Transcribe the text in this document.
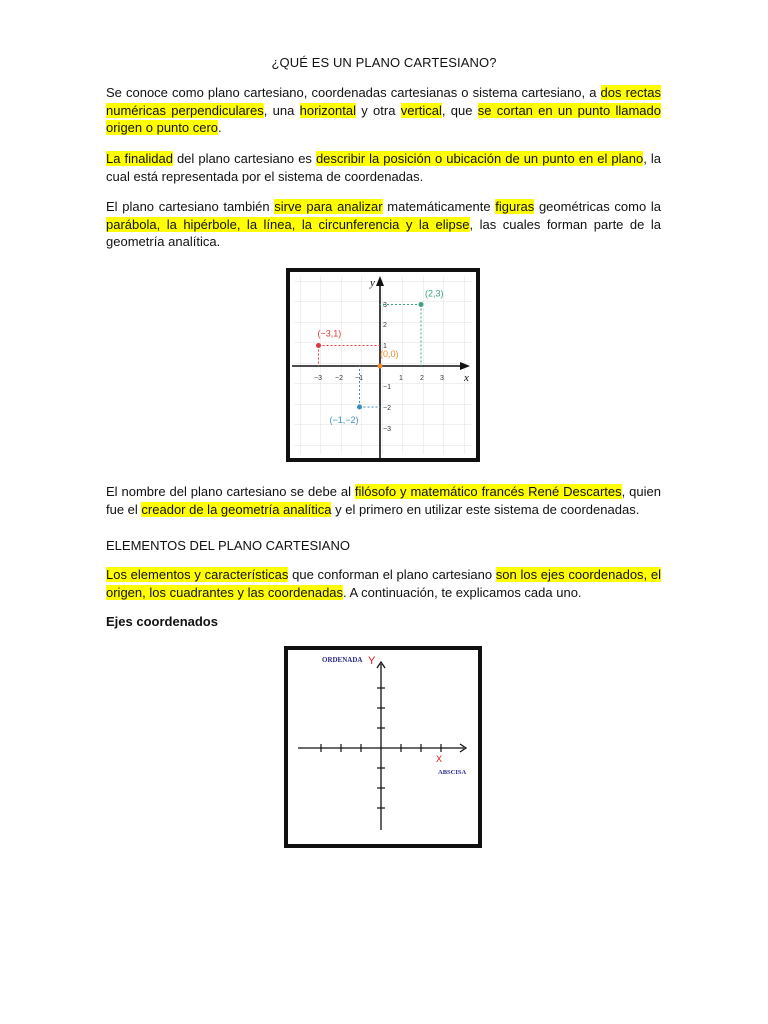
¿QUÉ ES UN PLANO CARTESIANO?

Se conoce como plano cartesiano, coordenadas cartesianas o sistema cartesiano, a dos rectas numéricas perpendiculares, una horizontal y otra vertical, que se cortan en un punto llamado origen o punto cero.

La finalidad del plano cartesiano es describir la posición o ubicación de un punto en el plano, la cual está representada por el sistema de coordenadas.

El plano cartesiano también sirve para analizar matemáticamente figuras geométricas como la parábola, la hipérbole, la línea, la circunferencia y la elipse, las cuales forman parte de la geometría analítica.

x
y
−3 −2 −1	1 2 3
3
2
1
−1
−2
−3
(2,3)
(−3,1)
(0,0)
(−1,−2)

El nombre del plano cartesiano se debe al filósofo y matemático francés René Descartes, quien fue el creador de la geometría analítica y el primero en utilizar este sistema de coordenadas.

ELEMENTOS DEL PLANO CARTESIANO

Los elementos y características que conforman el plano cartesiano son los ejes coordenados, el origen, los cuadrantes y las coordenadas. A continuación, te explicamos cada uno.

Ejes coordenados

ORDENADA Y
X
ABSCISA
